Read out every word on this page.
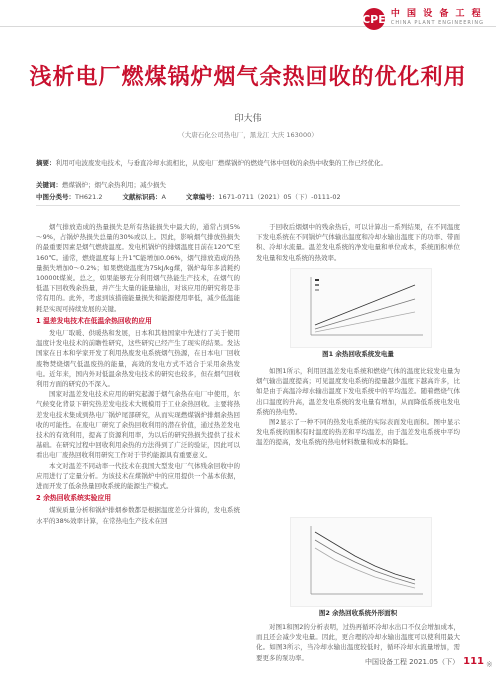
CPE 中 国 设 备 工 程
CHINA PLANT ENGINEERING
浅析电厂燃煤锅炉烟气余热回收的优化利用
印大伟
（大唐石化公司热电厂，黑龙江 大庆 163000）
摘要：利用可电波废发电技术，与垂直冷却水流相比，从废电厂燃煤锅炉的燃烧气体中回收的余热中收集的工作已经优化。
关键词：燃煤锅炉；烟气余热利用；减少损失
中图分类号：TH621.2	文献标识码：A	文章编号：1671-0711（2021）05（下）-0111-02

烟气排放造成的热量损失是所有热能损失中最大的，通常占到5%～9%，占锅炉热损失总量的30%或以上。因此，影响烟气排放热损失的最重要因素是烟气燃烧温度。发电机锅炉的排烟温度目前在120℃至160℃。通常，燃烧温度每上升1℃能增加0.06%，烟气排放造成的热量损失增加0～0.2%；如果燃烧温度为75kJ/kg煤，锅炉每年多消耗约10000t煤炭。总之，如果能够充分利用烟气热能生产技术，在烟气的低温下回收残余热量，并产生大量的能量输出，对该应用的研究将是非常有用的。此外，考虑到该措施能量损失和能源使用率低，减少低温能耗是实现可持续发展的关键。

1 温差发电技术在低温余热回收的应用

发电厂取暖、供暖热和发展，日本和其他国家中先进行了关于使用温度计发电技术的前瞻性研究，这些研究已经产生了现实的结果。发达国家在日本和学家开发了利用热废发电系统烟气热源，在日本电厂回收废物焚烧烟气低温废热的能量，高效的发电方式不适合于采用余热发电。近年来，国内外对低温余热发电技术的研究也较多，但在烟气回收利用方面的研究仍不深入。

国家对温差发电技术应用的研究起源于烟气余热在电厂中使用，尔气候变化背景下研究热差发电技术大规模用于工业余热回收。主要将热差发电技术集成到热电厂锅炉尾部研究，从而实现燃煤锅炉排烟余热回收的可能性。在废电厂研究了余热回收利用的潜在价值，通过热差发电技术的有效利用，提高了资源利用率，为以后的研究热损失提供了技术基础。在研究过程中回收利用余热的方法得到了广泛的验证，因此可以看出电厂废热回收利用研究工作对于节约能源具有重要意义。

本文对温差不同动率一代技术在我国大型发电厂气体残余回收中的应用进行了定量分析。为该技术在煤锅炉中的应用提供一个基本依据，进而开发了低余热量回收系统的能源生产模式。

2 余热回收系统实验应用

煤炭质量分析和锅炉排烟参数都是根据温度差分计算的，发电系统水平的38%效率计算，在常热电生产技术在回

于回收后烟烟中的残余热后，可以计算出一系列结果，在不同温度下发电系统在不同锅炉气体输出温度和冷却水输出温度下的功率、带面积、冷却水流量。温差发电系统的净发电量和单位成本，系统面积单位发电量和发电系统的热效率。

图1 余热回收系统发电量

如图1所示，利用回温差发电系统和燃烧气体的温度比较发电量为烟气输出温度提高；可见温度发电系统的提量越少温度下越高许多，比如是由于高温冷却水输出温度下发电系统中的平均温差。随着燃烧气体出口温度的升高，温差发电系统的发电量有增加，从而降低系统电发电系统的热电势。

图2显示了一种不同的热发电系统的实际表面发电面积。图中显示发电系统的面积有时温度的热差和平均温差，由于温差发电系统中平均温差的提高，发电系统的热电材料数量和成本的降低。

图2 余热回收系统外形面积

对图1和图2的分析表明，过热再循环冷却水出口不仅会增加成本，而且还会减少发电量。因此，更合理的冷却水输出温度可以使利用最大化。如图3所示，当冷却水输出温度较低时，循环冷却水流量增加，需要更多的泵功率。

中国设备工程 2021.05（下） 111 ※
